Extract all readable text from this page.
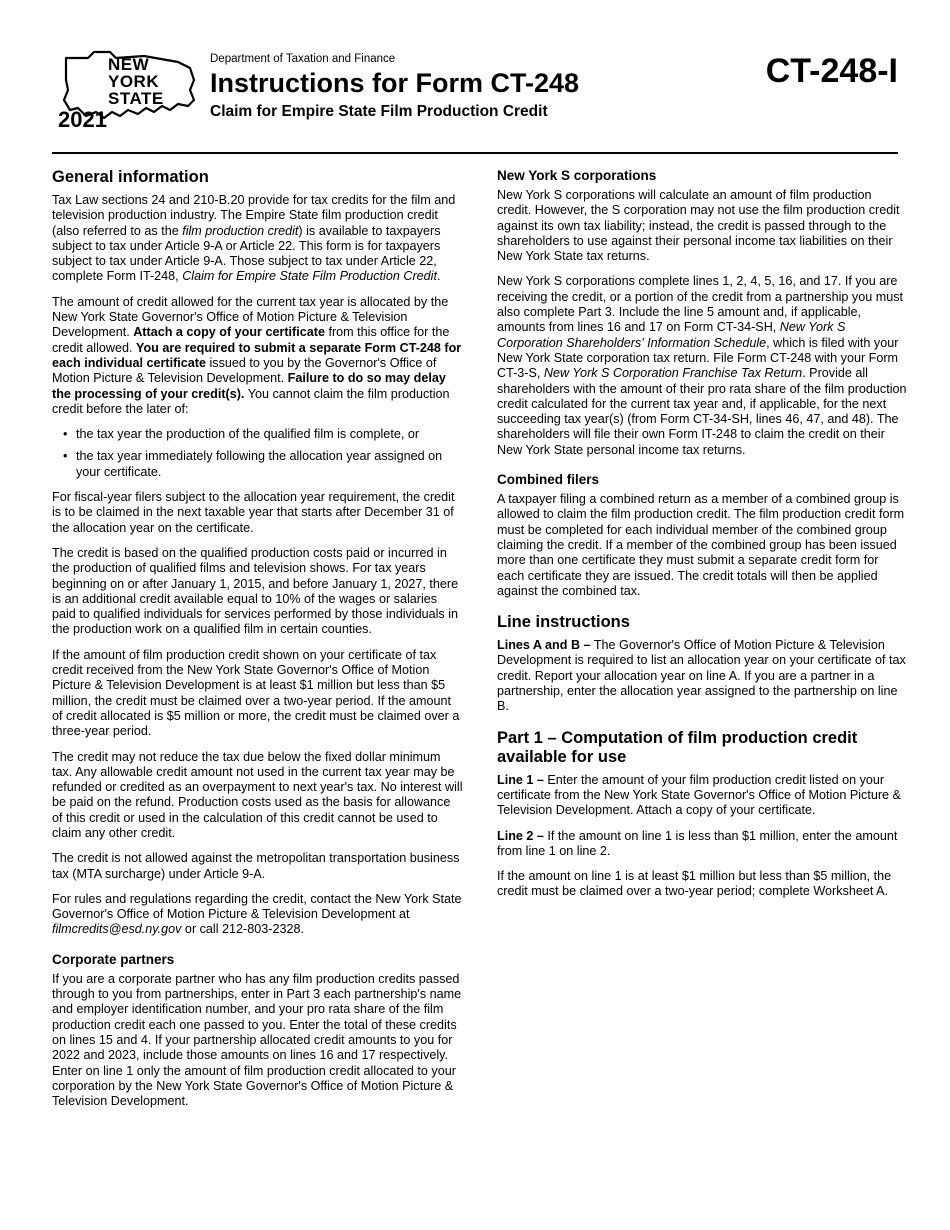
NEW
YORK
STATE
2021
Department of Taxation and Finance
Instructions for Form CT-248
Claim for Empire State Film Production Credit
CT-248-I
General information

Tax Law sections 24 and 210-B.20 provide for tax credits for the film and television production industry. The Empire State film production credit (also referred to as the film production credit) is available to taxpayers subject to tax under Article 9-A or Article 22. This form is for taxpayers subject to tax under Article 9-A. Those subject to tax under Article 22, complete Form IT-248, Claim for Empire State Film Production Credit.

The amount of credit allowed for the current tax year is allocated by the New York State Governor's Office of Motion Picture & Television Development. Attach a copy of your certificate from this office for the credit allowed. You are required to submit a separate Form CT-248 for each individual certificate issued to you by the Governor's Office of Motion Picture & Television Development. Failure to do so may delay the processing of your credit(s). You cannot claim the film production credit before the later of:

• the tax year the production of the qualified film is complete, or
• the tax year immediately following the allocation year assigned on your certificate.

For fiscal-year filers subject to the allocation year requirement, the credit is to be claimed in the next taxable year that starts after December 31 of the allocation year on the certificate.

The credit is based on the qualified production costs paid or incurred in the production of qualified films and television shows. For tax years beginning on or after January 1, 2015, and before January 1, 2027, there is an additional credit available equal to 10% of the wages or salaries paid to qualified individuals for services performed by those individuals in the production work on a qualified film in certain counties.

If the amount of film production credit shown on your certificate of tax credit received from the New York State Governor's Office of Motion Picture & Television Development is at least $1 million but less than $5 million, the credit must be claimed over a two-year period. If the amount of credit allocated is $5 million or more, the credit must be claimed over a three-year period.

The credit may not reduce the tax due below the fixed dollar minimum tax. Any allowable credit amount not used in the current tax year may be refunded or credited as an overpayment to next year's tax. No interest will be paid on the refund. Production costs used as the basis for allowance of this credit or used in the calculation of this credit cannot be used to claim any other credit.

The credit is not allowed against the metropolitan transportation business tax (MTA surcharge) under Article 9-A.

For rules and regulations regarding the credit, contact the New York State Governor's Office of Motion Picture & Television Development at filmcredits@esd.ny.gov or call 212-803-2328.

Corporate partners

If you are a corporate partner who has any film production credits passed through to you from partnerships, enter in Part 3 each partnership's name and employer identification number, and your pro rata share of the film production credit each one passed to you. Enter the total of these credits on lines 15 and 4. If your partnership allocated credit amounts to you for 2022 and 2023, include those amounts on lines 16 and 17 respectively. Enter on line 1 only the amount of film production credit allocated to your corporation by the New York State Governor's Office of Motion Picture & Television Development.

New York S corporations

New York S corporations will calculate an amount of film production credit. However, the S corporation may not use the film production credit against its own tax liability; instead, the credit is passed through to the shareholders to use against their personal income tax liabilities on their New York State tax returns.

New York S corporations complete lines 1, 2, 4, 5, 16, and 17. If you are receiving the credit, or a portion of the credit from a partnership you must also complete Part 3. Include the line 5 amount and, if applicable, amounts from lines 16 and 17 on Form CT-34-SH, New York S Corporation Shareholders' Information Schedule, which is filed with your New York State corporation tax return. File Form CT-248 with your Form CT-3-S, New York S Corporation Franchise Tax Return. Provide all shareholders with the amount of their pro rata share of the film production credit calculated for the current tax year and, if applicable, for the next succeeding tax year(s) (from Form CT-34-SH, lines 46, 47, and 48). The shareholders will file their own Form IT-248 to claim the credit on their New York State personal income tax returns.

Combined filers

A taxpayer filing a combined return as a member of a combined group is allowed to claim the film production credit. The film production credit form must be completed for each individual member of the combined group claiming the credit. If a member of the combined group has been issued more than one certificate they must submit a separate credit form for each certificate they are issued. The credit totals will then be applied against the combined tax.

Line instructions

Lines A and B – The Governor's Office of Motion Picture & Television Development is required to list an allocation year on your certificate of tax credit. Report your allocation year on line A. If you are a partner in a partnership, enter the allocation year assigned to the partnership on line B.

Part 1 – Computation of film production credit available for use

Line 1 – Enter the amount of your film production credit listed on your certificate from the New York State Governor's Office of Motion Picture & Television Development. Attach a copy of your certificate.

Line 2 – If the amount on line 1 is less than $1 million, enter the amount from line 1 on line 2.

If the amount on line 1 is at least $1 million but less than $5 million, the credit must be claimed over a two-year period; complete Worksheet A.
